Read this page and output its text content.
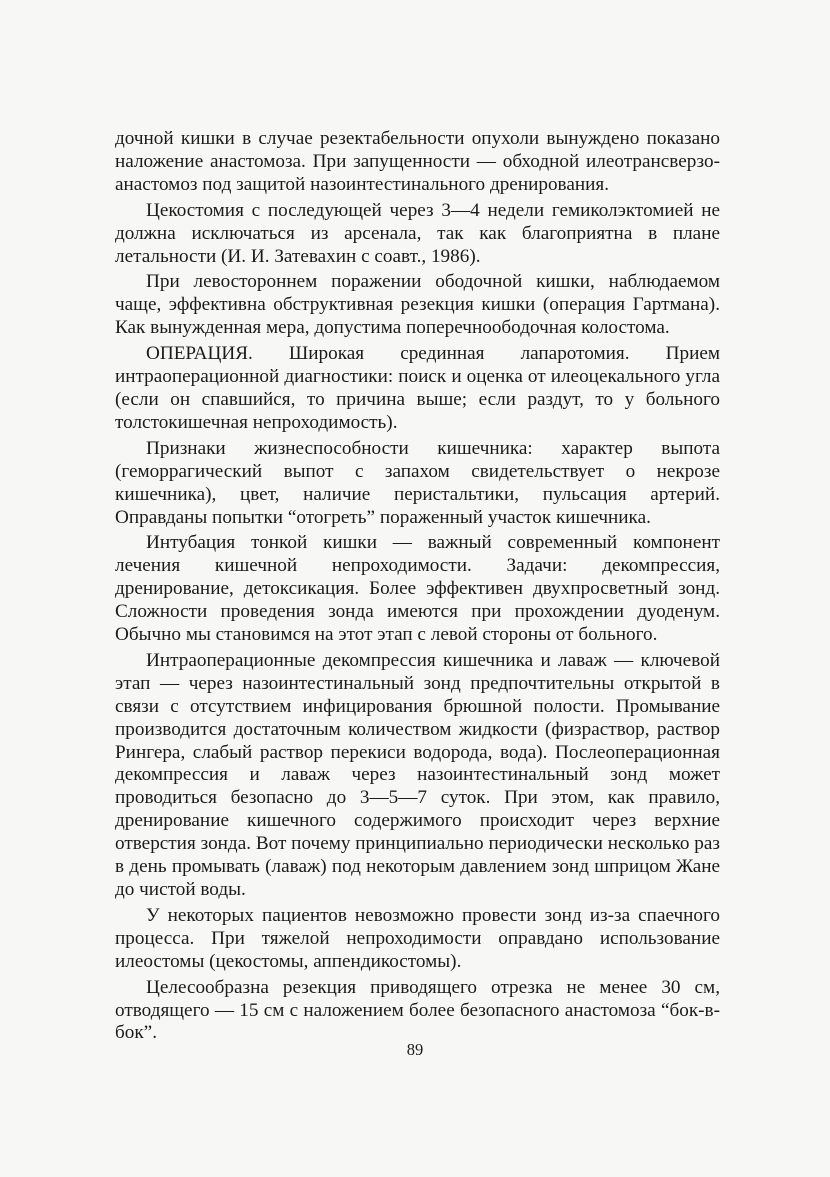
дочной кишки в случае резектабельности опухоли вынуждено показано наложение анастомоза. При запущенности — обходной илеотрансверзо-анастомоз под защитой назоинтестинального дренирования.

Цекостомия с последующей через 3—4 недели гемиколэктомией не должна исключаться из арсенала, так как благоприятна в плане летальности (И. И. Затевахин с соавт., 1986).

При левостороннем поражении ободочной кишки, наблюдаемом чаще, эффективна обструктивная резекция кишки (операция Гартмана). Как вынужденная мера, допустима поперечноободочная колостома.

ОПЕРАЦИЯ. Широкая срединная лапаротомия. Прием интраоперационной диагностики: поиск и оценка от илеоцекального угла (если он спавшийся, то причина выше; если раздут, то у больного толстокишечная непроходимость).

Признаки жизнеспособности кишечника: характер выпота (геморрагический выпот с запахом свидетельствует о некрозе кишечника), цвет, наличие перистальтики, пульсация артерий. Оправданы попытки “отогреть” пораженный участок кишечника.

Интубация тонкой кишки — важный современный компонент лечения кишечной непроходимости. Задачи: декомпрессия, дренирование, детоксикация. Более эффективен двухпросветный зонд. Сложности проведения зонда имеются при прохождении дуоденум. Обычно мы становимся на этот этап с левой стороны от больного.

Интраоперационные декомпрессия кишечника и лаваж — ключевой этап — через назоинтестинальный зонд предпочтительны открытой в связи с отсутствием инфицирования брюшной полости. Промывание производится достаточным количеством жидкости (физраствор, раствор Рингера, слабый раствор перекиси водорода, вода). Послеоперационная декомпрессия и лаваж через назоинтестинальный зонд может проводиться безопасно до 3—5—7 суток. При этом, как правило, дренирование кишечного содержимого происходит через верхние отверстия зонда. Вот почему принципиально периодически несколько раз в день промывать (лаваж) под некоторым давлением зонд шприцом Жане до чистой воды.

У некоторых пациентов невозможно провести зонд из-за спаечного процесса. При тяжелой непроходимости оправдано использование илеостомы (цекостомы, аппендикостомы).

Целесообразна резекция приводящего отрезка не менее 30 см, отводящего — 15 см с наложением более безопасного анастомоза “бок-в-бок”.

89
